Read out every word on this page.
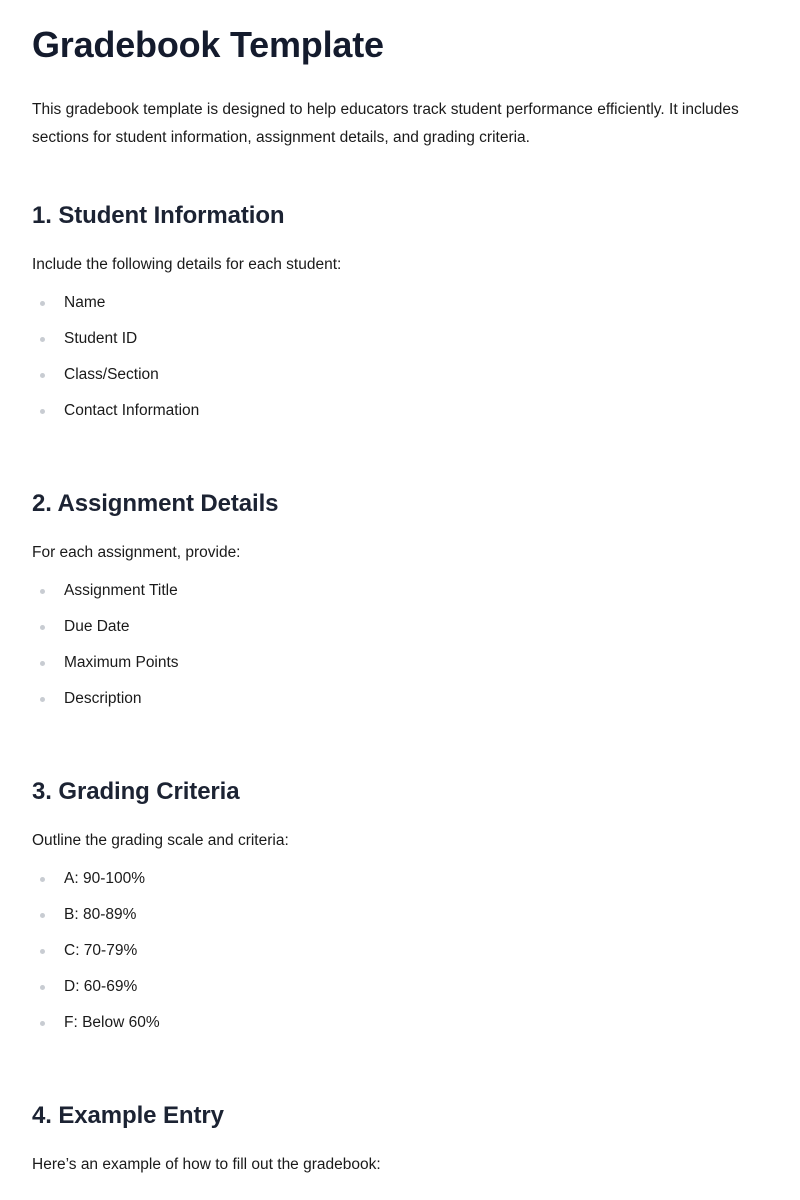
Gradebook Template

This gradebook template is designed to help educators track student performance efficiently. It includes sections for student information, assignment details, and grading criteria.

1. Student Information

Include the following details for each student:

Name
Student ID
Class/Section
Contact Information
2. Assignment Details

For each assignment, provide:

Assignment Title
Due Date
Maximum Points
Description
3. Grading Criteria

Outline the grading scale and criteria:

A: 90-100%
B: 80-89%
C: 70-79%
D: 60-69%
F: Below 60%
4. Example Entry

Here’s an example of how to fill out the gradebook:
